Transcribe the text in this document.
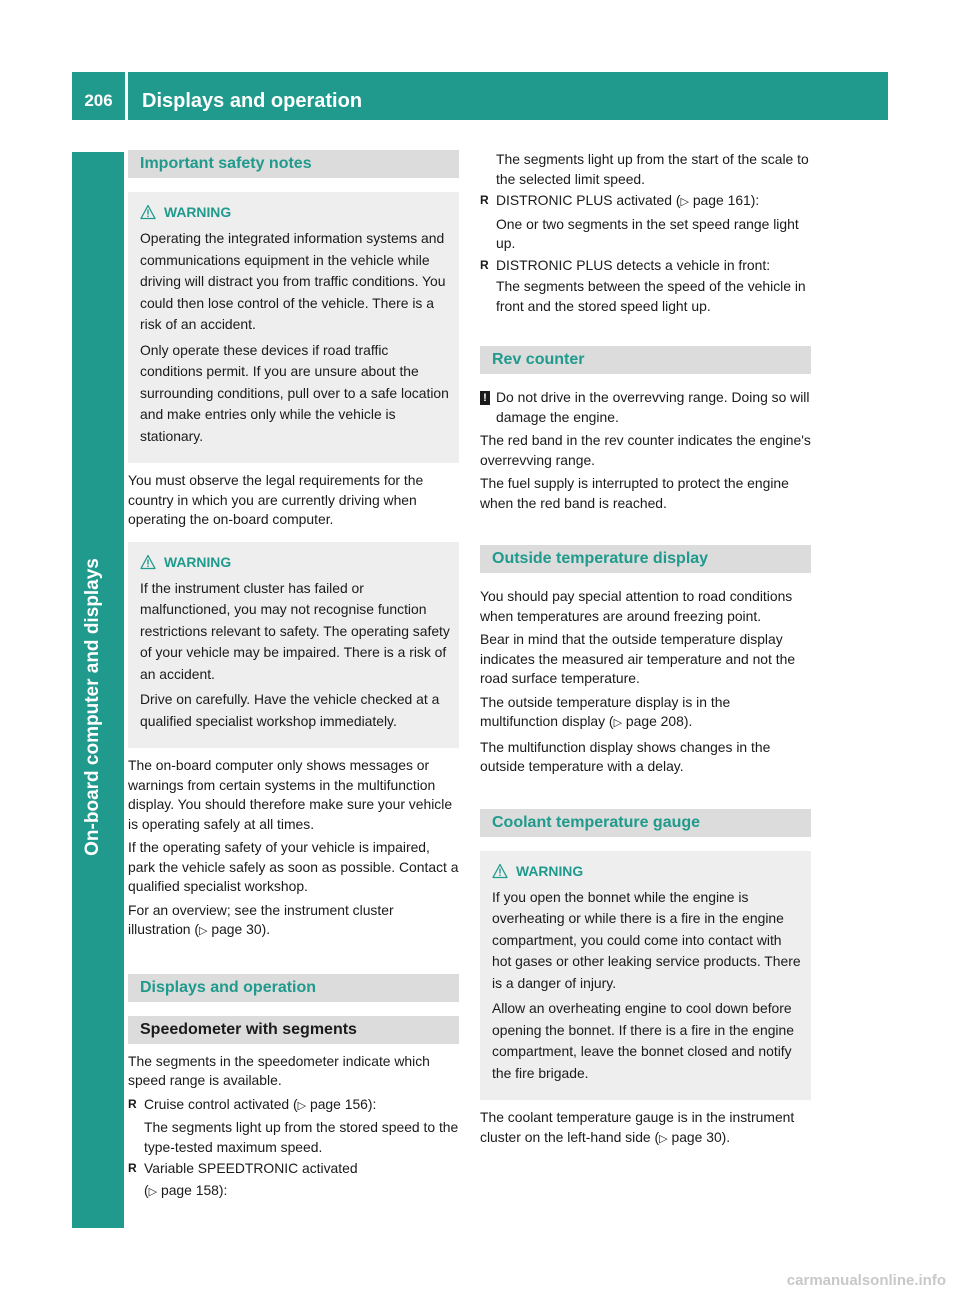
206	Displays and operation
On-board computer and displays
Important safety notes
WARNING

Operating the integrated information systems and communications equipment in the vehicle while driving will distract you from traffic conditions. You could then lose control of the vehicle. There is a risk of an accident.

Only operate these devices if road traffic conditions permit. If you are unsure about the surrounding conditions, pull over to a safe location and make entries only while the vehicle is stationary.

You must observe the legal requirements for the country in which you are currently driving when operating the on-board computer.

WARNING

If the instrument cluster has failed or malfunctioned, you may not recognise function restrictions relevant to safety. The operating safety of your vehicle may be impaired. There is a risk of an accident.

Drive on carefully. Have the vehicle checked at a qualified specialist workshop immediately.

The on-board computer only shows messages or warnings from certain systems in the multifunction display. You should therefore make sure your vehicle is operating safely at all times.

If the operating safety of your vehicle is impaired, park the vehicle safely as soon as possible. Contact a qualified specialist workshop.

For an overview; see the instrument cluster illustration (▷ page 30).

Displays and operation
Speedometer with segments

The segments in the speedometer indicate which speed range is available.

R Cruise control activated (▷ page 156):

The segments light up from the stored speed to the type-tested maximum speed.

R Variable SPEEDTRONIC activated

(▷ page 158):

The segments light up from the start of the scale to the selected limit speed.

R DISTRONIC PLUS activated (▷ page 161):

One or two segments in the set speed range light up.

R DISTRONIC PLUS detects a vehicle in front:

The segments between the speed of the vehicle in front and the stored speed light up.

Rev counter
! Do not drive in the overrevving range. Doing so will damage the engine.

The red band in the rev counter indicates the engine's overrevving range.

The fuel supply is interrupted to protect the engine when the red band is reached.

Outside temperature display

You should pay special attention to road conditions when temperatures are around freezing point.

Bear in mind that the outside temperature display indicates the measured air temperature and not the road surface temperature.

The outside temperature display is in the multifunction display (▷ page 208).

The multifunction display shows changes in the outside temperature with a delay.

Coolant temperature gauge
WARNING

If you open the bonnet while the engine is overheating or while there is a fire in the engine compartment, you could come into contact with hot gases or other leaking service products. There is a danger of injury.

Allow an overheating engine to cool down before opening the bonnet. If there is a fire in the engine compartment, leave the bonnet closed and notify the fire brigade.

The coolant temperature gauge is in the instrument cluster on the left-hand side (▷ page 30).

carmanualsonline.info
